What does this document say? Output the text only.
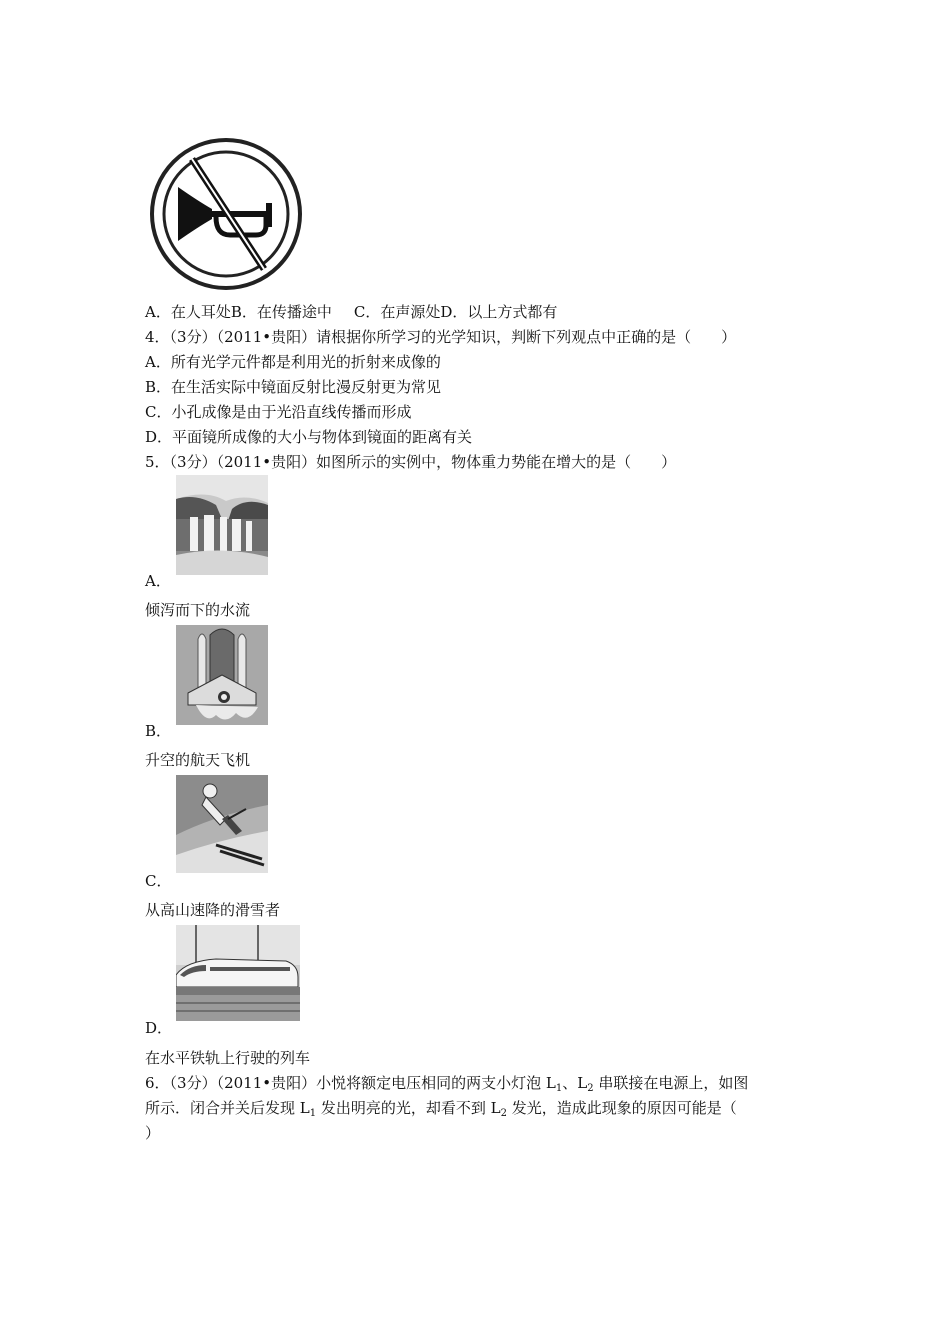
A．在人耳处B．在传播途中 C．在声源处D．以上方式都有
4．（3分）（2011•贵阳）请根据你所学习的光学知识，判断下列观点中正确的是（　　）
A．所有光学元件都是利用光的折射来成像的
B．在生活实际中镜面反射比漫反射更为常见
C．小孔成像是由于光沿直线传播而形成
D．平面镜所成像的大小与物体到镜面的距离有关
5．（3分）（2011•贵阳）如图所示的实例中，物体重力势能在增大的是（　　）
A．
倾泻而下的水流
B．
升空的航天飞机
C．
从高山速降的滑雪者
D．
在水平铁轨上行驶的列车
6．（3分）（2011•贵阳）小悦将额定电压相同的两支小灯泡 $L_1$、$L_2$ 串联接在电源上，如图
所示．闭合并关后发现 $L_1$ 发出明亮的光，却看不到 $L_2$ 发光，造成此现象的原因可能是（
）
